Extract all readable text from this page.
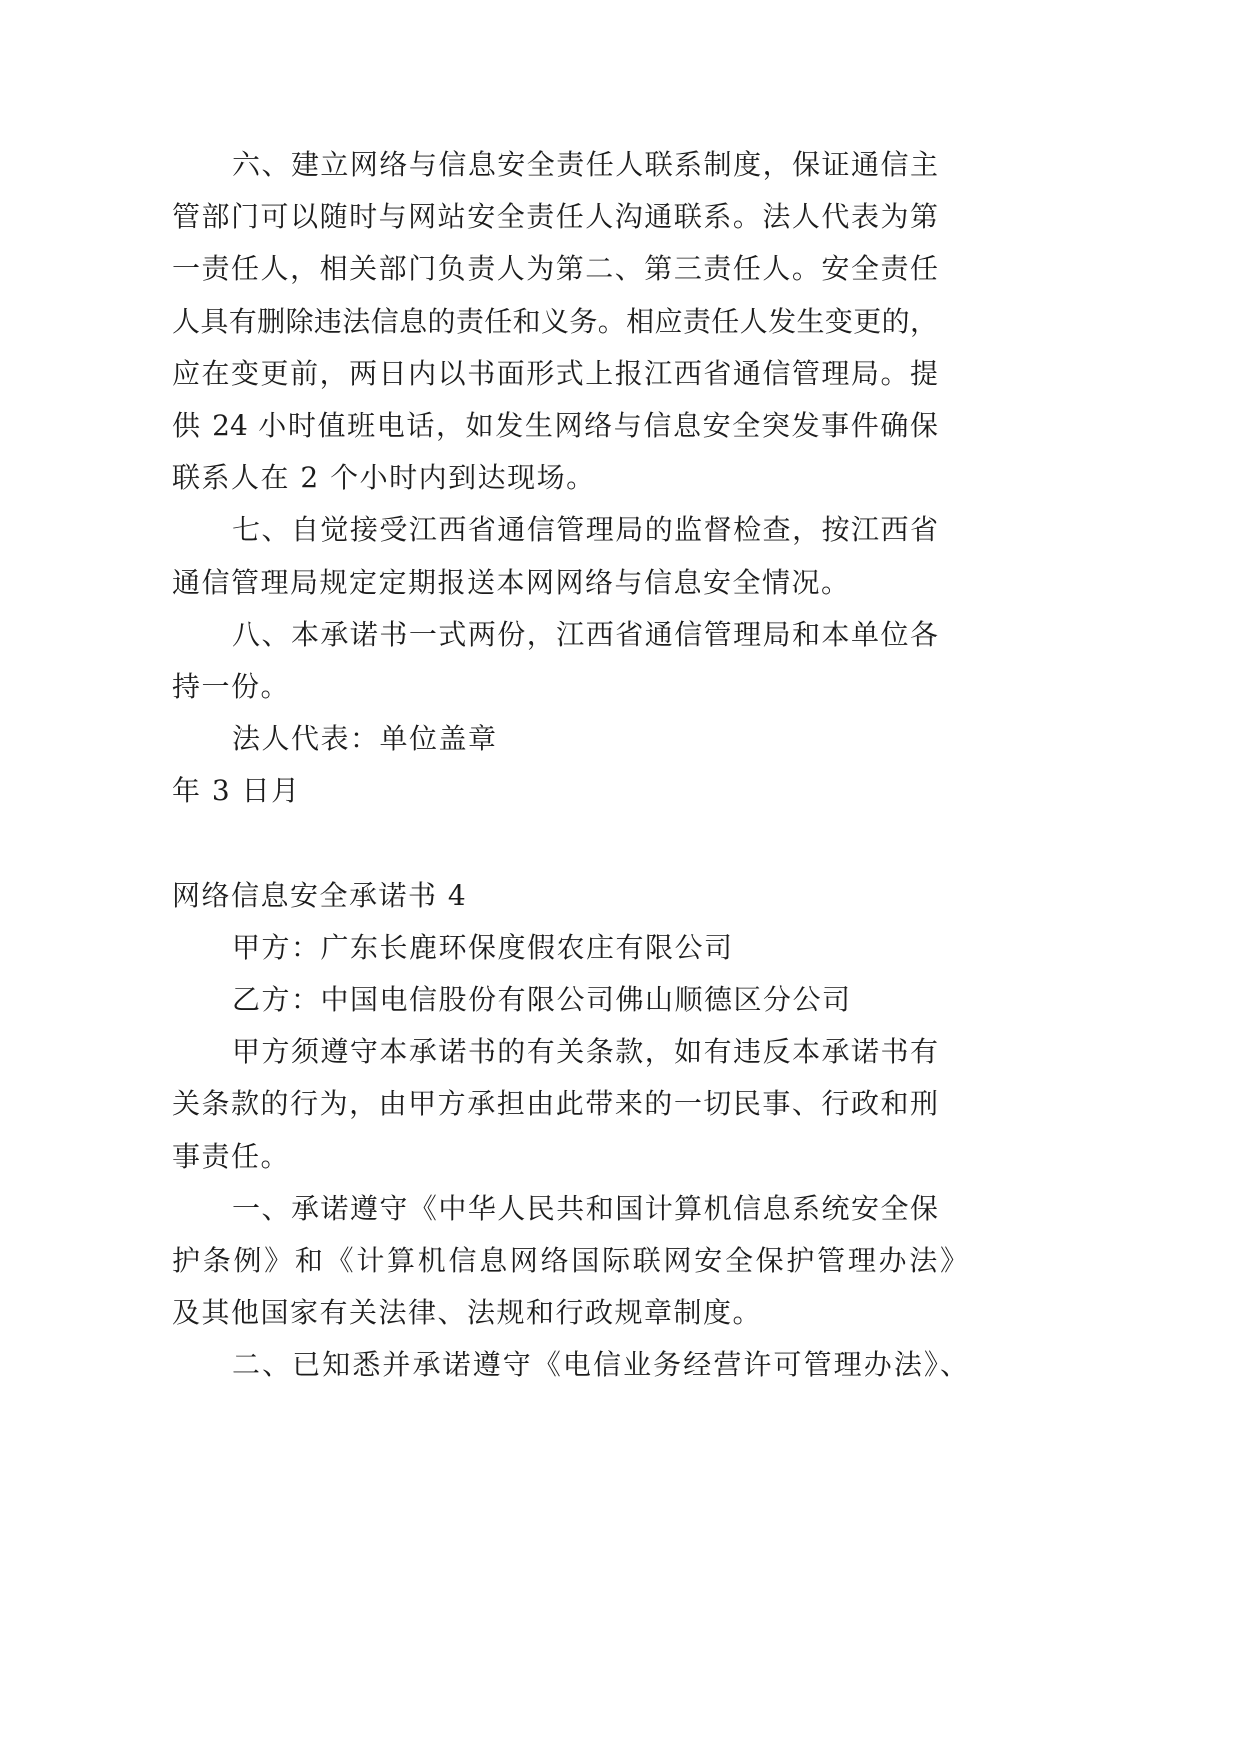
六、建立网络与信息安全责任人联系制度，保证通信主
管部门可以随时与网站安全责任人沟通联系。法人代表为第
一责任人，相关部门负责人为第二、第三责任人。安全责任
人具有删除违法信息的责任和义务。相应责任人发生变更的，
应在变更前，两日内以书面形式上报江西省通信管理局。提
供 24 小时值班电话，如发生网络与信息安全突发事件确保
联系人在 2 个小时内到达现场。
七、自觉接受江西省通信管理局的监督检查，按江西省
通信管理局规定定期报送本网网络与信息安全情况。
八、本承诺书一式两份，江西省通信管理局和本单位各
持一份。
法人代表：单位盖章
年 3 日月
网络信息安全承诺书 4
甲方：广东长鹿环保度假农庄有限公司
乙方：中国电信股份有限公司佛山顺德区分公司
甲方须遵守本承诺书的有关条款，如有违反本承诺书有
关条款的行为，由甲方承担由此带来的一切民事、行政和刑
事责任。
一、承诺遵守《中华人民共和国计算机信息系统安全保
护条例》和《计算机信息网络国际联网安全保护管理办法》
及其他国家有关法律、法规和行政规章制度。
二、已知悉并承诺遵守《电信业务经营许可管理办法》、
